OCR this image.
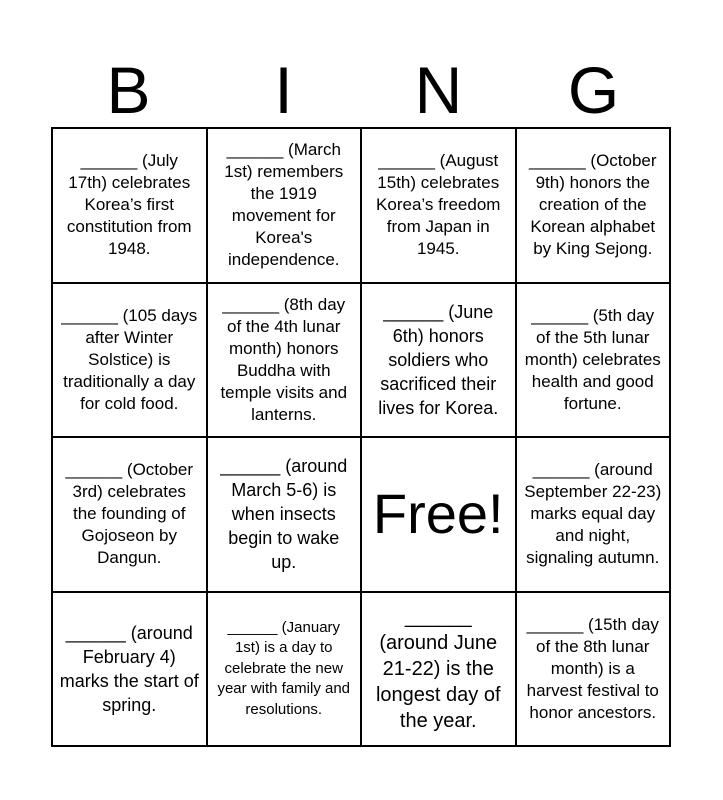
B	I	N	G
______ (July 17th) celebrates Korea’s first constitution from 1948.
______ (March 1st) remembers the 1919 movement for Korea's independence.
______ (August 15th) celebrates Korea’s freedom from Japan in 1945.
______ (October 9th) honors the creation of the Korean alphabet by King Sejong.
______ (105 days after Winter Solstice) is traditionally a day for cold food.
______ (8th day of the 4th lunar month) honors Buddha with temple visits and lanterns.
______ (June 6th) honors soldiers who sacrificed their lives for Korea.
______ (5th day of the 5th lunar month) celebrates health and good fortune.
______ (October 3rd) celebrates the founding of Gojoseon by Dangun.
______ (around March 5-6) is when insects begin to wake up.
Free!
______ (around September 22-23) marks equal day and night, signaling autumn.
______ (around February 4) marks the start of spring.
______ (January 1st) is a day to celebrate the new year with family and resolutions.
______ (around June 21-22) is the longest day of the year.
______ (15th day of the 8th lunar month) is a harvest festival to honor ancestors.
